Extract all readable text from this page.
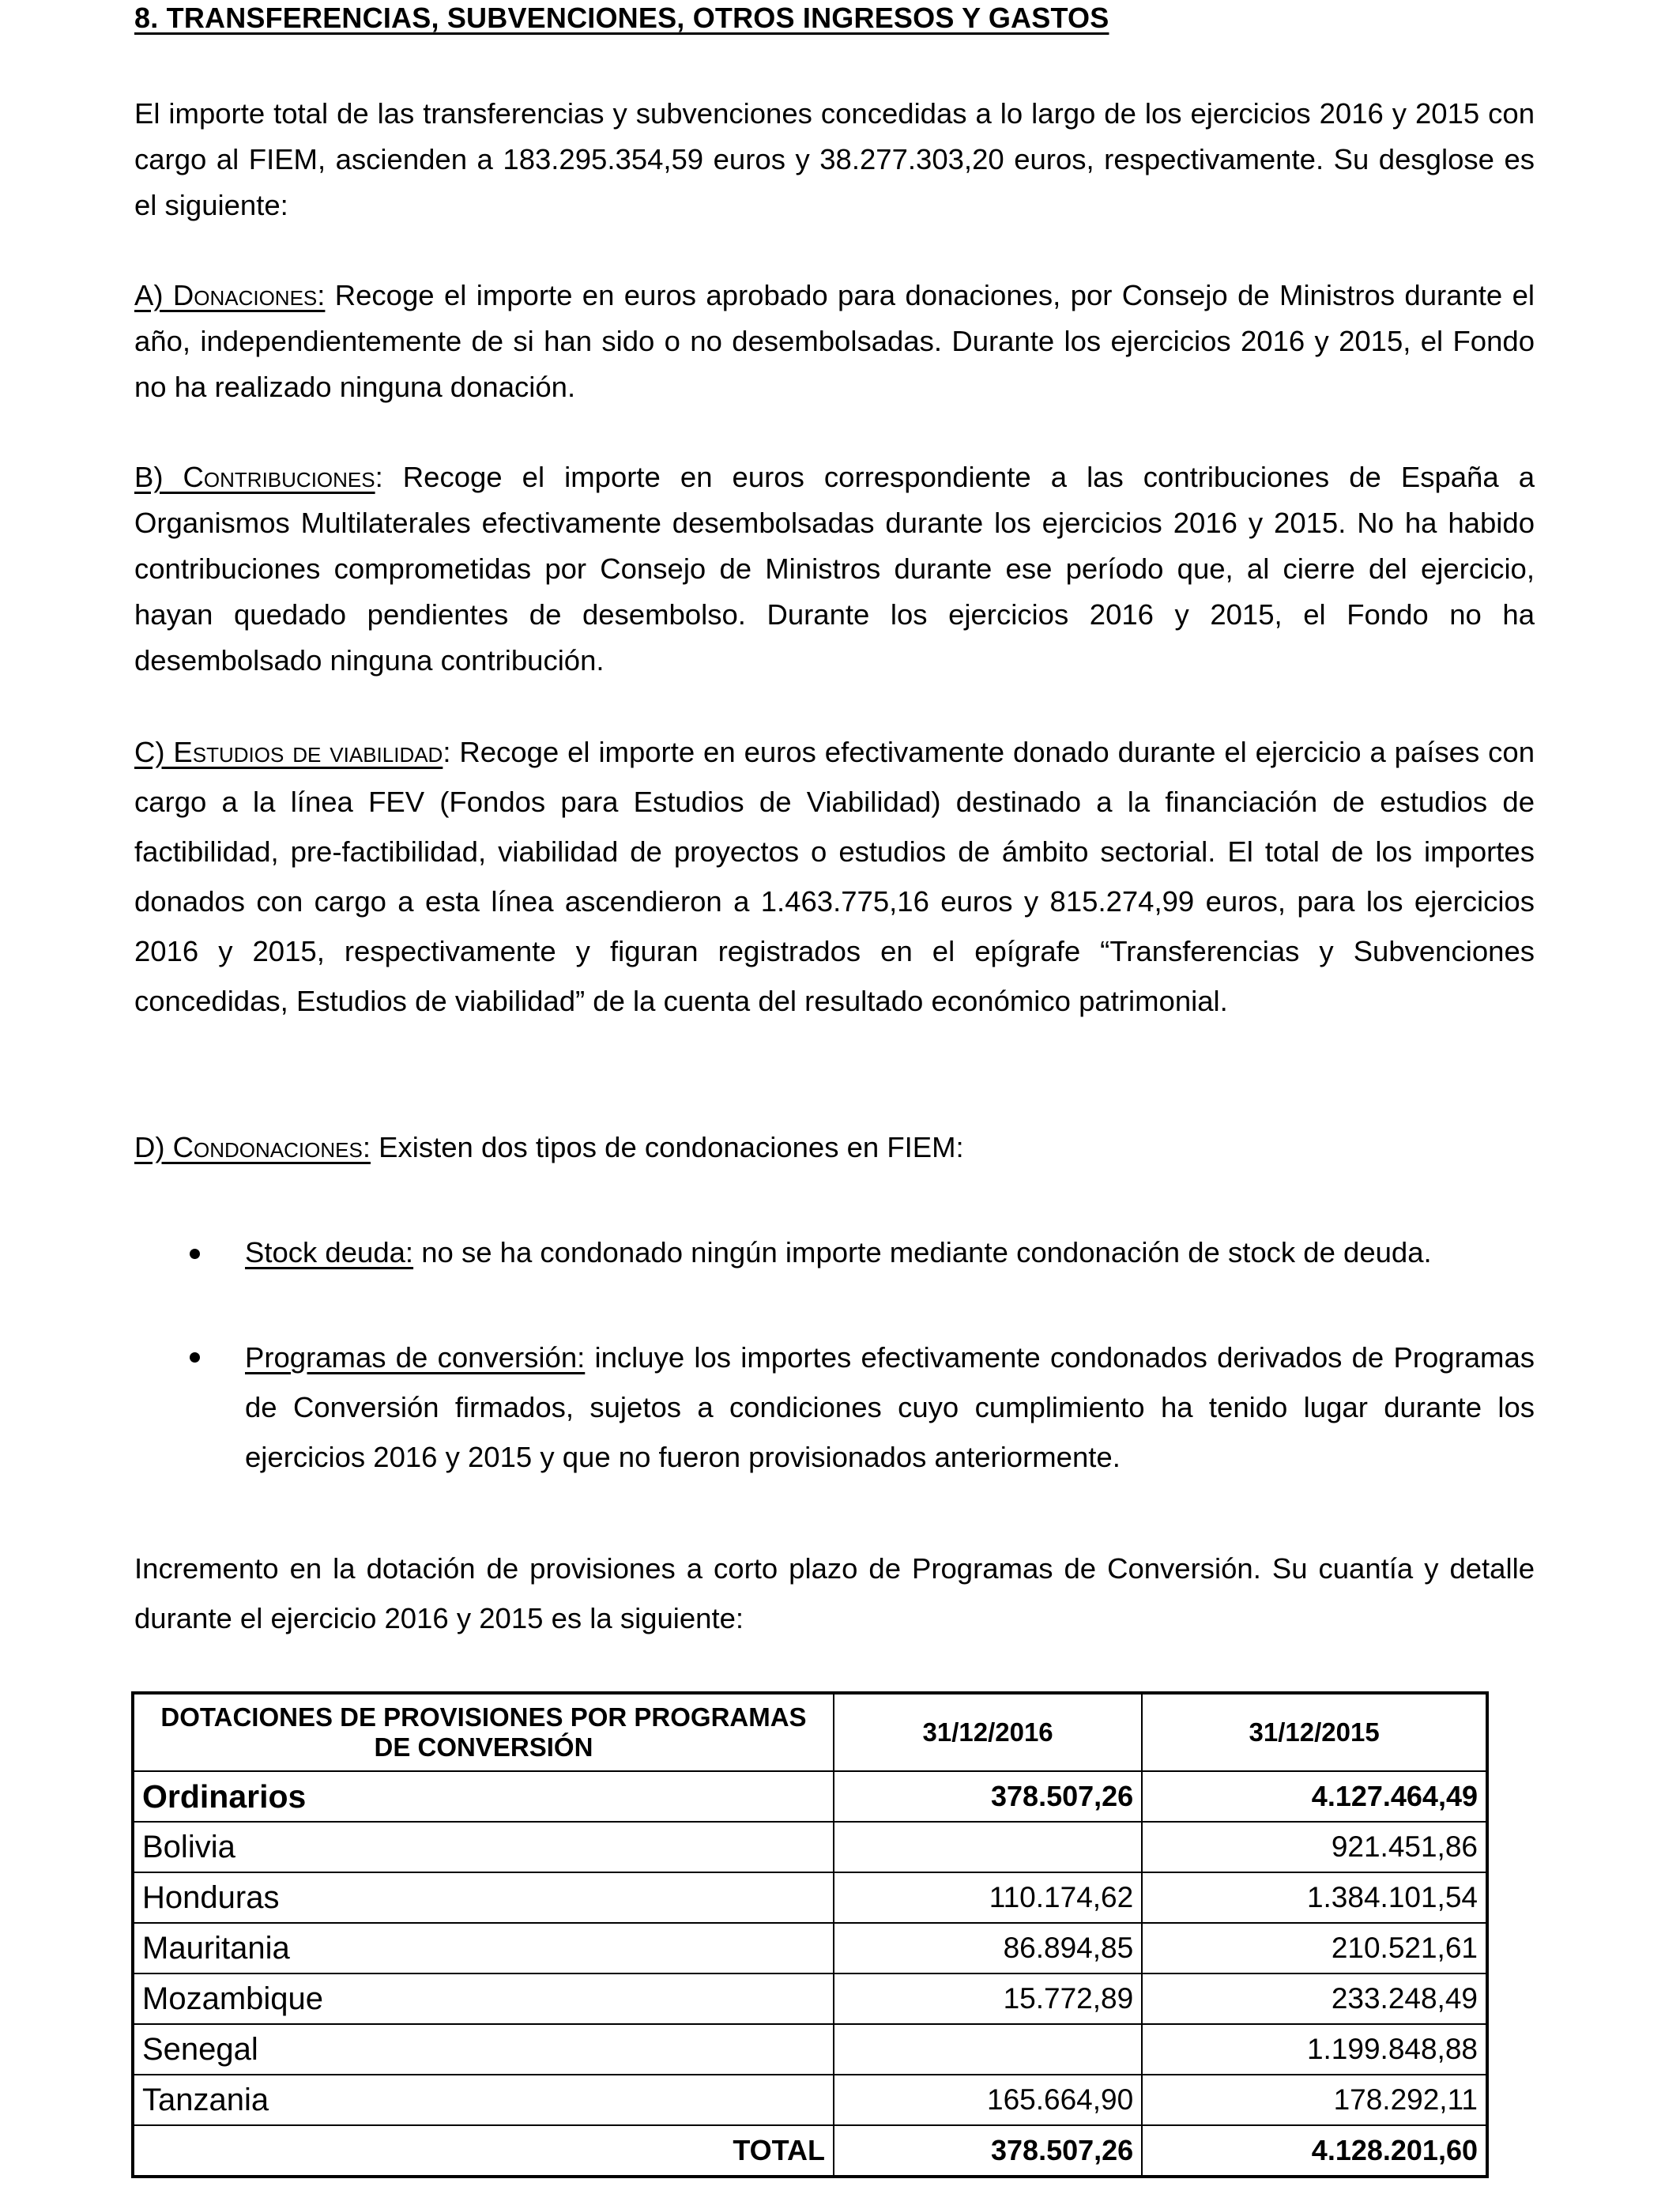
8. TRANSFERENCIAS, SUBVENCIONES, OTROS INGRESOS Y GASTOS
El importe total de las transferencias y subvenciones concedidas a lo largo de los ejercicios 2016 y 2015 con cargo al FIEM, ascienden a 183.295.354,59 euros y 38.277.303,20 euros, respectivamente. Su desglose es el siguiente:
A) Donaciones: Recoge el importe en euros aprobado para donaciones, por Consejo de Ministros durante el año, independientemente de si han sido o no desembolsadas. Durante los ejercicios 2016 y 2015, el Fondo no ha realizado ninguna donación.
B) Contribuciones: Recoge el importe en euros correspondiente a las contribuciones de España a Organismos Multilaterales efectivamente desembolsadas durante los ejercicios 2016 y 2015. No ha habido contribuciones comprometidas por Consejo de Ministros durante ese período que, al cierre del ejercicio, hayan quedado pendientes de desembolso. Durante los ejercicios 2016 y 2015, el Fondo no ha desembolsado ninguna contribución.
C) Estudios de viabilidad: Recoge el importe en euros efectivamente donado durante el ejercicio a países con cargo a la línea FEV (Fondos para Estudios de Viabilidad) destinado a la financiación de estudios de factibilidad, pre-factibilidad, viabilidad de proyectos o estudios de ámbito sectorial. El total de los importes donados con cargo a esta línea ascendieron a 1.463.775,16 euros y 815.274,99 euros, para los ejercicios 2016 y 2015, respectivamente y figuran registrados en el epígrafe “Transferencias y Subvenciones concedidas, Estudios de viabilidad” de la cuenta del resultado económico patrimonial.
D) Condonaciones: Existen dos tipos de condonaciones en FIEM:
Stock deuda: no se ha condonado ningún importe mediante condonación de stock de deuda.
Programas de conversión: incluye los importes efectivamente condonados derivados de Programas de Conversión firmados, sujetos a condiciones cuyo cumplimiento ha tenido lugar durante los ejercicios 2016 y 2015 y que no fueron provisionados anteriormente.
Incremento en la dotación de provisiones a corto plazo de Programas de Conversión. Su cuantía y detalle durante el ejercicio 2016 y 2015 es la siguiente:
DOTACIONES DE PROVISIONES POR PROGRAMAS DE CONVERSIÓN	31/12/2016	31/12/2015
Ordinarios	378.507,26	4.127.464,49
Bolivia		921.451,86
Honduras	110.174,62	1.384.101,54
Mauritania	86.894,85	210.521,61
Mozambique	15.772,89	233.248,49
Senegal		1.199.848,88
Tanzania	165.664,90	178.292,11
TOTAL	378.507,26	4.128.201,60
